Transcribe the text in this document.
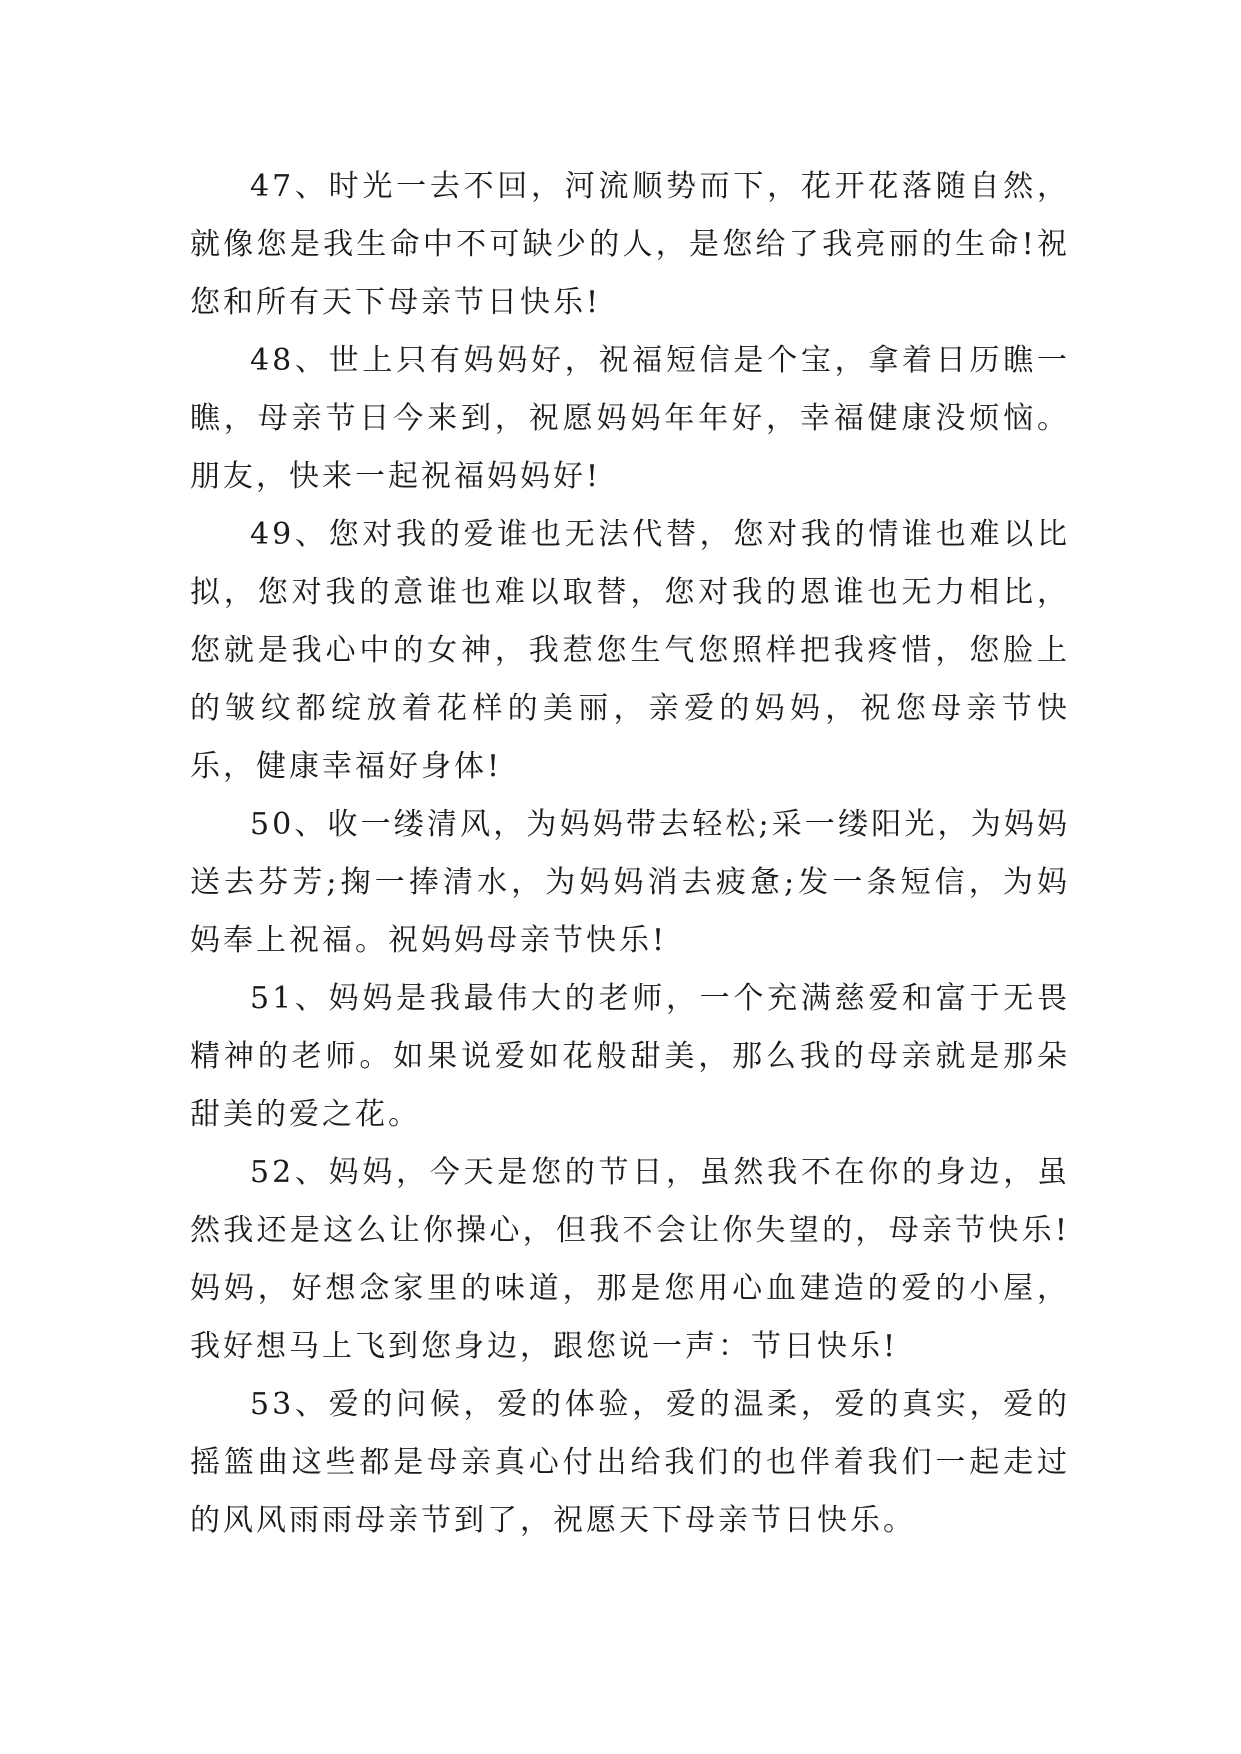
47、时光一去不回，河流顺势而下，花开花落随自然，就像您是我生命中不可缺少的人，是您给了我亮丽的生命!祝您和所有天下母亲节日快乐!

48、世上只有妈妈好，祝福短信是个宝，拿着日历瞧一瞧，母亲节日今来到，祝愿妈妈年年好，幸福健康没烦恼。朋友，快来一起祝福妈妈好!

49、您对我的爱谁也无法代替，您对我的情谁也难以比拟，您对我的意谁也难以取替，您对我的恩谁也无力相比，您就是我心中的女神，我惹您生气您照样把我疼惜，您脸上的皱纹都绽放着花样的美丽，亲爱的妈妈，祝您母亲节快乐，健康幸福好身体!

50、收一缕清风，为妈妈带去轻松;采一缕阳光，为妈妈送去芬芳;掬一捧清水，为妈妈消去疲惫;发一条短信，为妈妈奉上祝福。祝妈妈母亲节快乐!

51、妈妈是我最伟大的老师，一个充满慈爱和富于无畏精神的老师。如果说爱如花般甜美，那么我的母亲就是那朵甜美的爱之花。

52、妈妈，今天是您的节日，虽然我不在你的身边，虽然我还是这么让你操心，但我不会让你失望的，母亲节快乐!妈妈，好想念家里的味道，那是您用心血建造的爱的小屋，我好想马上飞到您身边，跟您说一声：节日快乐!

53、爱的问候，爱的体验，爱的温柔，爱的真实，爱的摇篮曲这些都是母亲真心付出给我们的也伴着我们一起走过的风风雨雨母亲节到了，祝愿天下母亲节日快乐。
